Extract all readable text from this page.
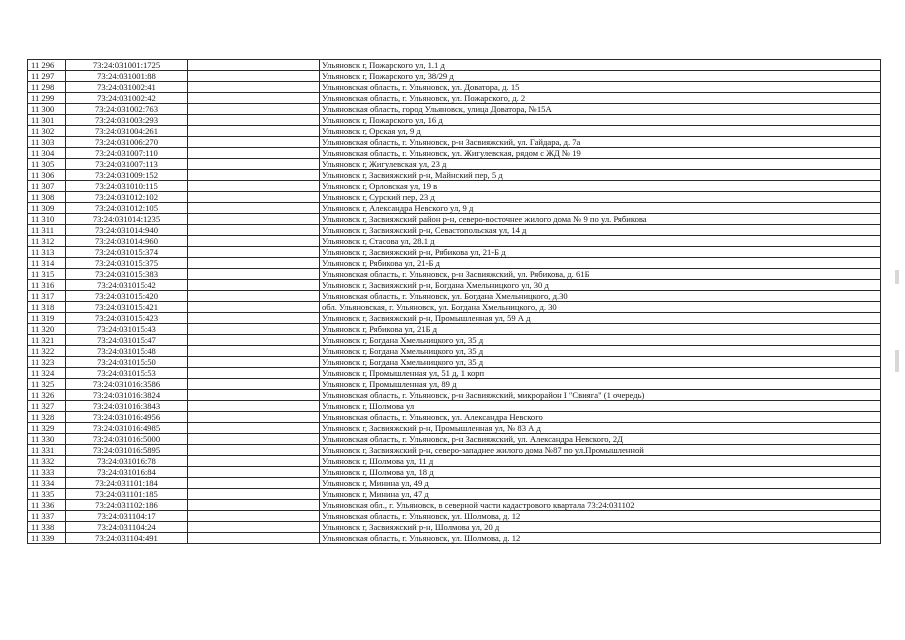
11 296	73:24:031001:1725		Ульяновск г, Пожарского ул, 1.1 д
11 297	73:24:031001:88		Ульяновск г, Пожарского ул, 38/29 д
11 298	73:24:031002:41		Ульяновская область, г. Ульяновск, ул. Доватора, д. 15
11 299	73:24:031002:42		Ульяновская область, г. Ульяновск, ул. Пожарского, д. 2
11 300	73:24:031002:763		Ульяновская область, город Ульяновск, улица Доватора, №15А
11 301	73:24:031003:293		Ульяновск г, Пожарского ул, 16 д
11 302	73:24:031004:261		Ульяновск г, Орская ул, 9 д
11 303	73:24:031006:270		Ульяновская область, г. Ульяновск, р-н Засвияжский, ул. Гайдара, д. 7а
11 304	73:24:031007:110		Ульяновская область, г. Ульяновск, ул. Жигулевская, рядом с ЖД № 19
11 305	73:24:031007:113		Ульяновск г, Жигулевская ул, 23 д
11 306	73:24:031009:152		Ульяновск г, Засвияжский р-н, Майнский пер, 5 д
11 307	73:24:031010:115		Ульяновск г, Орловская ул, 19 в
11 308	73:24:031012:102		Ульяновск г, Сурский пер, 23 д
11 309	73:24:031012:105		Ульяновск г, Александра Невского ул, 9 д
11 310	73:24:031014:1235		Ульяновск г, Засвияжский район р-н, северо-восточнее жилого дома № 9 по ул. Рябикова
11 311	73:24:031014:940		Ульяновск г, Засвияжский р-н, Севастопольская ул, 14 д
11 312	73:24:031014:960		Ульяновск г, Стасова ул, 28.1 д
11 313	73:24:031015:374		Ульяновск г, Засвияжский р-н, Рябикова ул, 21-Б д
11 314	73:24:031015:375		Ульяновск г, Рябикова ул, 21-Б д
11 315	73:24:031015:383		Ульяновская область, г. Ульяновск, р-н Засвияжский, ул. Рябикова, д. 61Б
11 316	73:24:031015:42		Ульяновск г, Засвияжский р-н, Богдана Хмельницкого ул, 30 д
11 317	73:24:031015:420		Ульяновская область, г. Ульяновск, ул. Богдана Хмельницкого, д.30
11 318	73:24:031015:421		обл. Ульяновская, г. Ульяновск, ул. Богдана Хмельницкого, д. 30
11 319	73:24:031015:423		Ульяновск г, Засвияжский р-н, Промышленная ул, 59 А д
11 320	73:24:031015:43		Ульяновск г, Рябикова ул, 21Б д
11 321	73:24:031015:47		Ульяновск г, Богдана Хмельницкого ул, 35 д
11 322	73:24:031015:48		Ульяновск г, Богдана Хмельницкого ул, 35 д
11 323	73:24:031015:50		Ульяновск г, Богдана Хмельницкого ул, 35 д
11 324	73:24:031015:53		Ульяновск г, Промышленная ул, 51 д, 1 корп
11 325	73:24:031016:3586		Ульяновск г, Промышленная ул, 89 д
11 326	73:24:031016:3824		Ульяновская область, г. Ульяновск, р-н Засвияжский, микрорайон I "Свияга" (1 очередь)
11 327	73:24:031016:3843		Ульяновск г, Шолмова ул
11 328	73:24:031016:4956		Ульяновская область, г. Ульяновск, ул. Александра Невского
11 329	73:24:031016:4985		Ульяновск г, Засвияжский р-н, Промышленная ул, № 83 А д
11 330	73:24:031016:5000		Ульяновская область, г. Ульяновск, р-н Засвияжский, ул. Александра Невского, 2Д
11 331	73:24:031016:5895		Ульяновск г, Засвияжский р-н, северо-западнее жилого дома №87 по ул.Промышленной
11 332	73:24:031016:78		Ульяновск г, Шолмова ул, 11 д
11 333	73:24:031016:84		Ульяновск г, Шолмова ул, 18 д
11 334	73:24:031101:184		Ульяновск г, Минина ул, 49 д
11 335	73:24:031101:185		Ульяновск г, Минина ул, 47 д
11 336	73:24:031102:186		Ульяновская обл., г. Ульяновск, в северной части кадастрового квартала 73:24:031102
11 337	73:24:031104:17		Ульяновская область, г. Ульяновск, ул. Шолмова, д. 12
11 338	73:24:031104:24		Ульяновск г, Засвияжский р-н, Шолмова ул, 20 д
11 339	73:24:031104:491		Ульяновская область, г. Ульяновск, ул. Шолмова, д. 12
